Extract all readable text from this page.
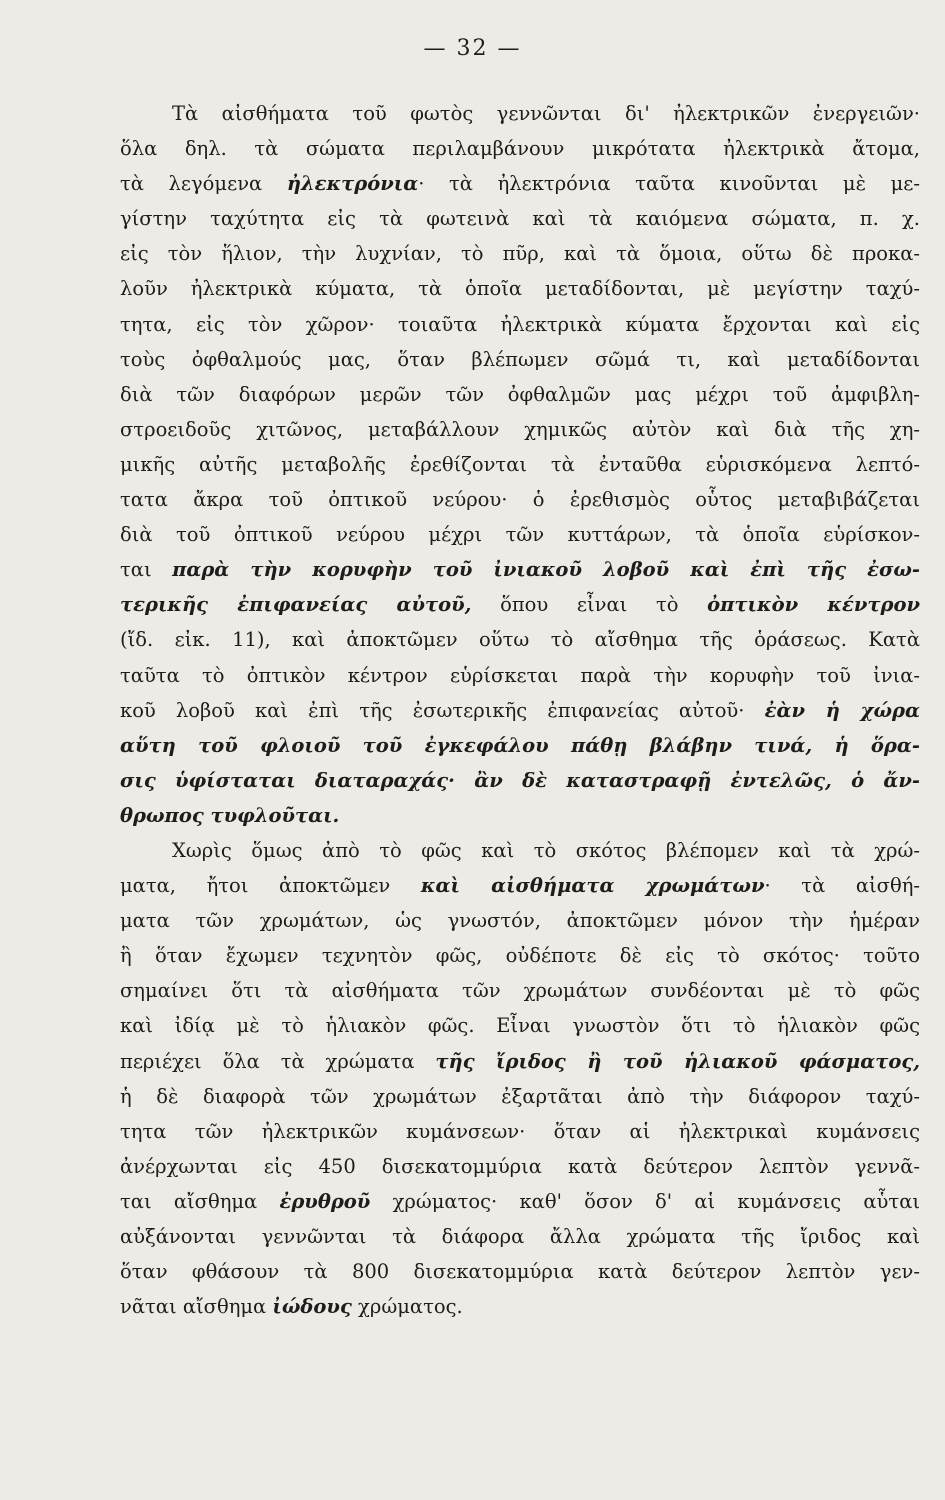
— 32 —
Τὰ αἰσθήματα τοῦ φωτὸς γεννῶνται δι' ἠλεκτρικῶν ἐνεργειῶν·
ὅλα δηλ. τὰ σώματα περιλαμβάνουν μικρότατα ἠλεκτρικὰ ἄτομα,
τὰ λεγόμενα ἠλεκτρόνια· τὰ ἠλεκτρόνια ταῦτα κινοῦνται μὲ με-
γίστην ταχύτητα εἰς τὰ φωτεινὰ καὶ τὰ καιόμενα σώματα, π. χ.
εἰς τὸν ἥλιον, τὴν λυχνίαν, τὸ πῦρ, καὶ τὰ ὅμοια, οὕτω δὲ προκα-
λοῦν ἠλεκτρικὰ κύματα, τὰ ὁποῖα μεταδίδονται, μὲ μεγίστην ταχύ-
τητα, εἰς τὸν χῶρον· τοιαῦτα ἠλεκτρικὰ κύματα ἔρχονται καὶ εἰς
τοὺς ὀφθαλμούς μας, ὅταν βλέπωμεν σῶμά τι, καὶ μεταδίδονται
διὰ τῶν διαφόρων μερῶν τῶν ὀφθαλμῶν μας μέχρι τοῦ ἀμφιβλη-
στροειδοῦς χιτῶνος, μεταβάλλουν χημικῶς αὐτὸν καὶ διὰ τῆς χη-
μικῆς αὐτῆς μεταβολῆς ἐρεθίζονται τὰ ἐνταῦθα εὑρισκόμενα λεπτό-
τατα ἄκρα τοῦ ὀπτικοῦ νεύρου· ὁ ἐρεθισμὸς οὗτος μεταβιβάζεται
διὰ τοῦ ὀπτικοῦ νεύρου μέχρι τῶν κυττάρων, τὰ ὁποῖα εὑρίσκον-
ται παρὰ τὴν κορυφὴν τοῦ ἰνιακοῦ λοβοῦ καὶ ἐπὶ τῆς ἐσω-
τερικῆς ἐπιφανείας αὐτοῦ, ὅπου εἶναι τὸ ὀπτικὸν κέντρον
(ἴδ. εἰκ. 11), καὶ ἀποκτῶμεν οὕτω τὸ αἴσθημα τῆς ὁράσεως. Κατὰ
ταῦτα τὸ ὀπτικὸν κέντρον εὑρίσκεται παρὰ τὴν κορυφὴν τοῦ ἰνια-
κοῦ λοβοῦ καὶ ἐπὶ τῆς ἐσωτερικῆς ἐπιφανείας αὐτοῦ· ἐὰν ἡ χώρα
αὕτη τοῦ φλοιοῦ τοῦ ἐγκεφάλου πάθῃ βλάβην τινά, ἡ ὅρα-
σις ὑφίσταται διαταραχάς· ἂν δὲ καταστραφῇ ἐντελῶς, ὁ ἄν-
θρωπος τυφλοῦται.
Χωρὶς ὅμως ἀπὸ τὸ φῶς καὶ τὸ σκότος βλέπομεν καὶ τὰ χρώ-
ματα, ἤτοι ἀποκτῶμεν καὶ αἰσθήματα χρωμάτων· τὰ αἰσθή-
ματα τῶν χρωμάτων, ὡς γνωστόν, ἀποκτῶμεν μόνον τὴν ἡμέραν
ἢ ὅταν ἔχωμεν τεχνητὸν φῶς, οὐδέποτε δὲ εἰς τὸ σκότος· τοῦτο
σημαίνει ὅτι τὰ αἰσθήματα τῶν χρωμάτων συνδέονται μὲ τὸ φῶς
καὶ ἰδίᾳ μὲ τὸ ἡλιακὸν φῶς. Εἶναι γνωστὸν ὅτι τὸ ἡλιακὸν φῶς
περιέχει ὅλα τὰ χρώματα τῆς ἴριδος ἢ τοῦ ἡλιακοῦ φάσματος,
ἡ δὲ διαφορὰ τῶν χρωμάτων ἐξαρτᾶται ἀπὸ τὴν διάφορον ταχύ-
τητα τῶν ἠλεκτρικῶν κυμάνσεων· ὅταν αἱ ἠλεκτρικαὶ κυμάνσεις
ἀνέρχωνται εἰς 450 δισεκατομμύρια κατὰ δεύτερον λεπτὸν γεννᾶ-
ται αἴσθημα ἐρυθροῦ χρώματος· καθ' ὅσον δ' αἱ κυμάνσεις αὗται
αὐξάνονται γεννῶνται τὰ διάφορα ἄλλα χρώματα τῆς ἴριδος καὶ
ὅταν φθάσουν τὰ 800 δισεκατομμύρια κατὰ δεύτερον λεπτὸν γεν-
νᾶται αἴσθημα ἰώδους χρώματος.
